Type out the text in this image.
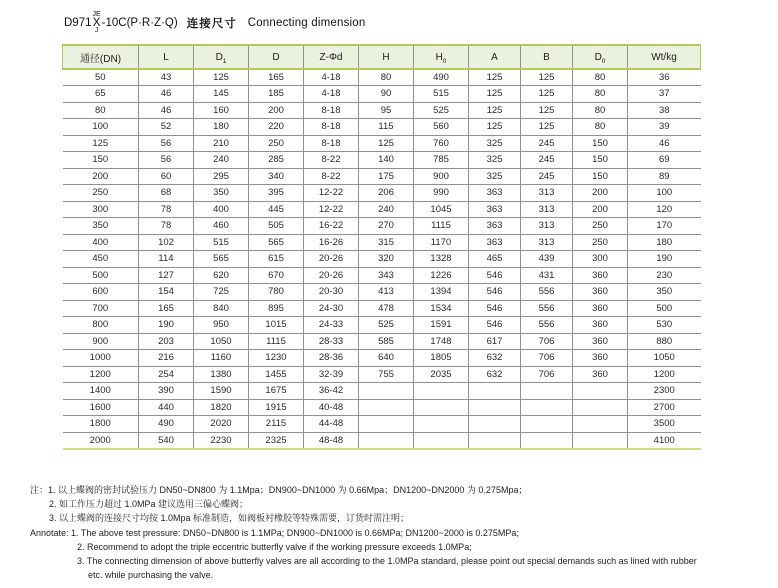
D971
JE
X
J
-10C(P·R·Z·Q) 连接尺寸 Connecting dimension
通径(DN)	L	$D_1$	D	Z-Φd	H	$H_0$	A	B	$D_0$	Wt/kg
50	43	125	165	4-18	80	490	125	125	80	36
65	46	145	185	4-18	90	515	125	125	80	37
80	46	160	200	8-18	95	525	125	125	80	38
100	52	180	220	8-18	115	560	125	125	80	39
125	56	210	250	8-18	125	760	325	245	150	46
150	56	240	285	8-22	140	785	325	245	150	69
200	60	295	340	8-22	175	900	325	245	150	89
250	68	350	395	12-22	206	990	363	313	200	100
300	78	400	445	12-22	240	1045	363	313	200	120
350	78	460	505	16-22	270	1115	363	313	250	170
400	102	515	565	16-26	315	1170	363	313	250	180
450	114	565	615	20-26	320	1328	465	439	300	190
500	127	620	670	20-26	343	1226	546	431	360	230
600	154	725	780	20-30	413	1394	546	556	360	350
700	165	840	895	24-30	478	1534	546	556	360	500
800	190	950	1015	24-33	525	1591	546	556	360	530
900	203	1050	1115	28-33	585	1748	617	706	360	880
1000	216	1160	1230	28-36	640	1805	632	706	360	1050
1200	254	1380	1455	32-39	755	2035	632	706	360	1200
1400	390	1590	1675	36-42						2300
1600	440	1820	1915	40-48						2700
1800	490	2020	2115	44-48						3500
2000	540	2230	2325	48-48						4100
注：1. 以上蝶阀的密封试验压力 DN50~DN800 为 1.1Mpa；DN900~DN1000 为 0.66Mpa；DN1200~DN2000 为 0.275Mpa；
2. 如工作压力超过 1.0MPa 建议选用三偏心蝶阀；
3. 以上蝶阀的连接尺寸均按 1.0Mpa 标准制造，如阀板衬橡胶等特殊需要，订货时需注明；
Annotate: 1. The above test pressure: DN50~DN800 is 1.1MPa; DN900~DN1000 is 0.66MPa; DN1200~2000 is 0.275MPa;
2. Recommend to adopt the triple eccentric butterfly valve if the working pressure exceeds 1.0MPa;
3. The connecting dimension of above butterfly valves are all according to the 1.0MPa standard, please point out special demands such as lined with rubber
etc. while purchasing the valve.
